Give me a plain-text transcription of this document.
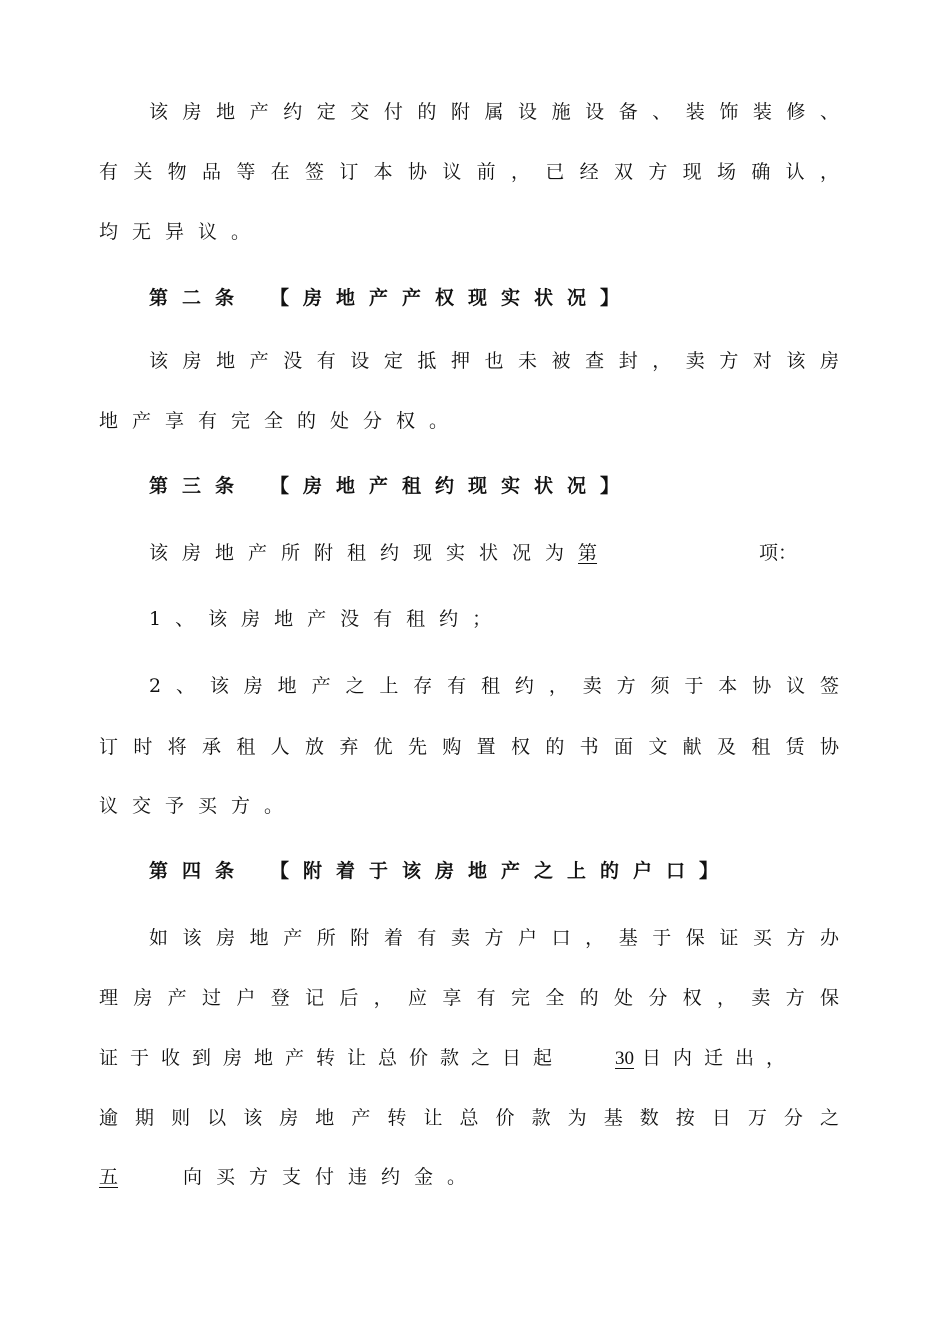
该房地产约定交付的附属设施设备、装饰装修、
有关物品等在签订本协议前，已经双方现场确认，
均无异议。
第二条 【房地产产权现实状况】
该房地产没有设定抵押也未被查封，卖方对该房
地产享有完全的处分权。
第三条 【房地产租约现实状况】
该房地产所附租约现实状况为第	项 ：
1、该房地产没有租约；
2、该房地产之上存有租约，卖方须于本协议签
订时将承租人放弃优先购置权的书面文献及租赁协
议交予买方。
第四条 【附着于该房地产之上的户口】
如该房地产所附着有卖方户口，基于保证买方办
理房产过户登记后，应享有完全的处分权，卖方保
证于收到房地产转让总价款之日起	30 日内迁出，
逾期则以该房地产转让总价款为基数按日万分之
五	向买方支付违约金。
